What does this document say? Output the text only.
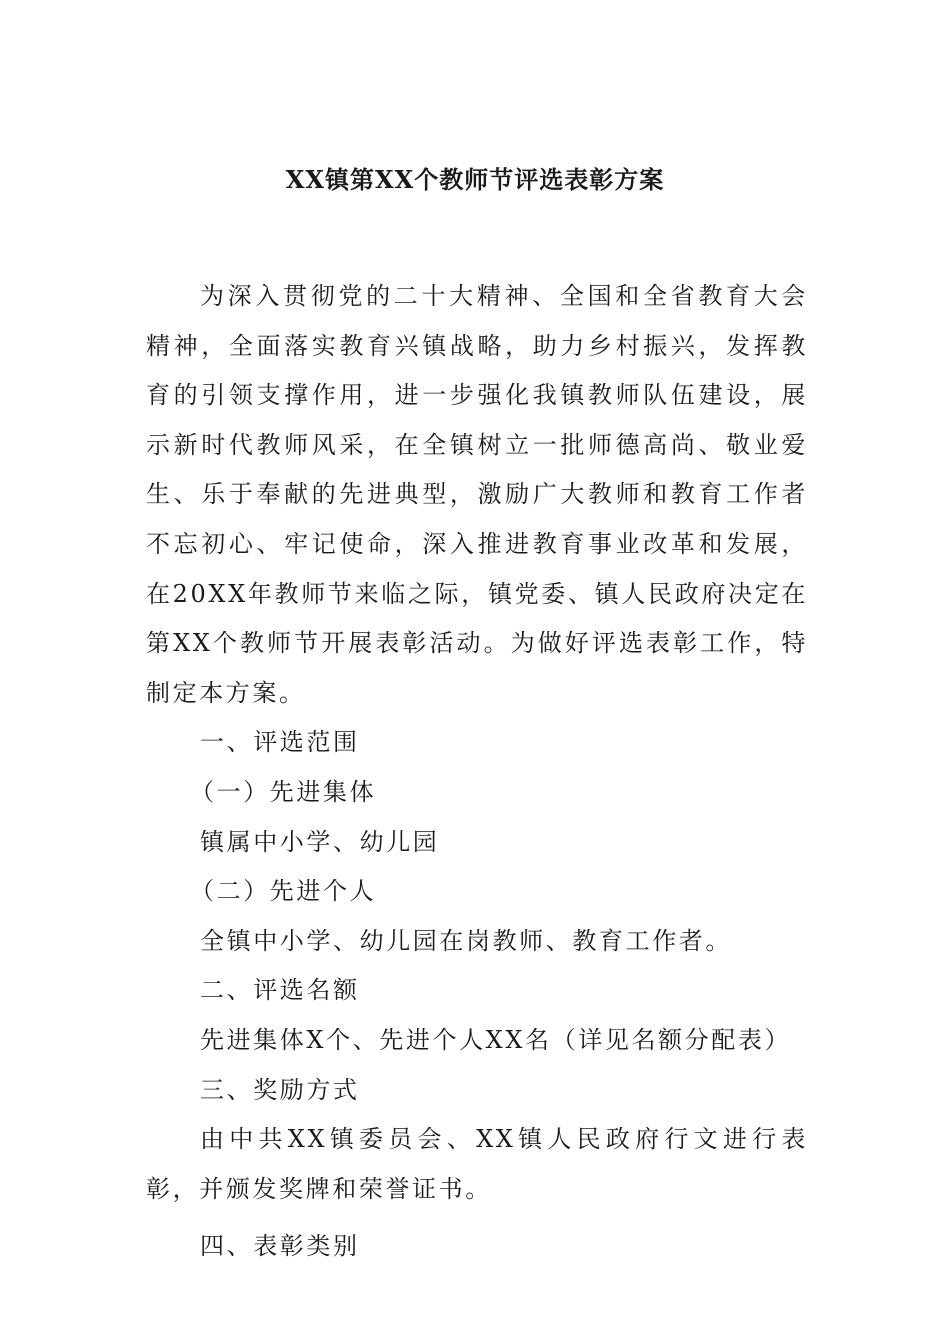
XX镇第XX个教师节评选表彰方案

为深入贯彻党的二十大精神、全国和全省教育大会精神，全面落实教育兴镇战略，助力乡村振兴，发挥教育的引领支撑作用，进一步强化我镇教师队伍建设，展示新时代教师风采，在全镇树立一批师德高尚、敬业爱生、乐于奉献的先进典型，激励广大教师和教育工作者不忘初心、牢记使命，深入推进教育事业改革和发展，在20XX年教师节来临之际，镇党委、镇人民政府决定在第XX个教师节开展表彰活动。为做好评选表彰工作，特制定本方案。

一、评选范围

（一）先进集体

镇属中小学、幼儿园

（二）先进个人

全镇中小学、幼儿园在岗教师、教育工作者。

二、评选名额

先进集体X个、先进个人XX名（详见名额分配表）

三、奖励方式

由中共XX镇委员会、XX镇人民政府行文进行表彰，并颁发奖牌和荣誉证书。

四、表彰类别
